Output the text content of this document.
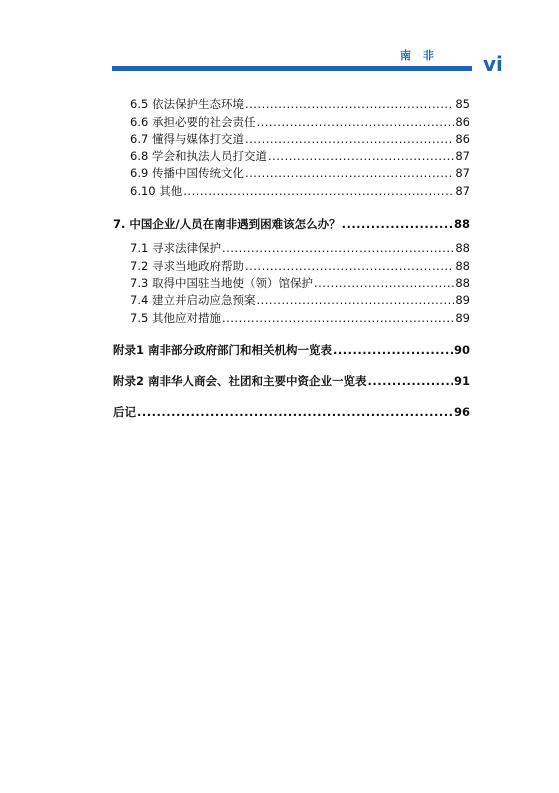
南 非 vi
6.5 依法保护生态环境 .....	85
6.6 承担必要的社会责任 .....	86
6.7 懂得与媒体打交道 .....	86
6.8 学会和执法人员打交道 .....	87
6.9 传播中国传统文化 .....	87
6.10 其他 .....	87
7. 中国企业/人员在南非遇到困难该怎么办？ .....	88
7.1 寻求法律保护 .....	88
7.2 寻求当地政府帮助 .....	88
7.3 取得中国驻当地使（领）馆保护 .....	88
7.4 建立并启动应急预案 .....	89
7.5 其他应对措施 .....	89
附录1 南非部分政府部门和相关机构一览表 .....	90
附录2 南非华人商会、社团和主要中资企业一览表 .....	91
后记 .....	96
